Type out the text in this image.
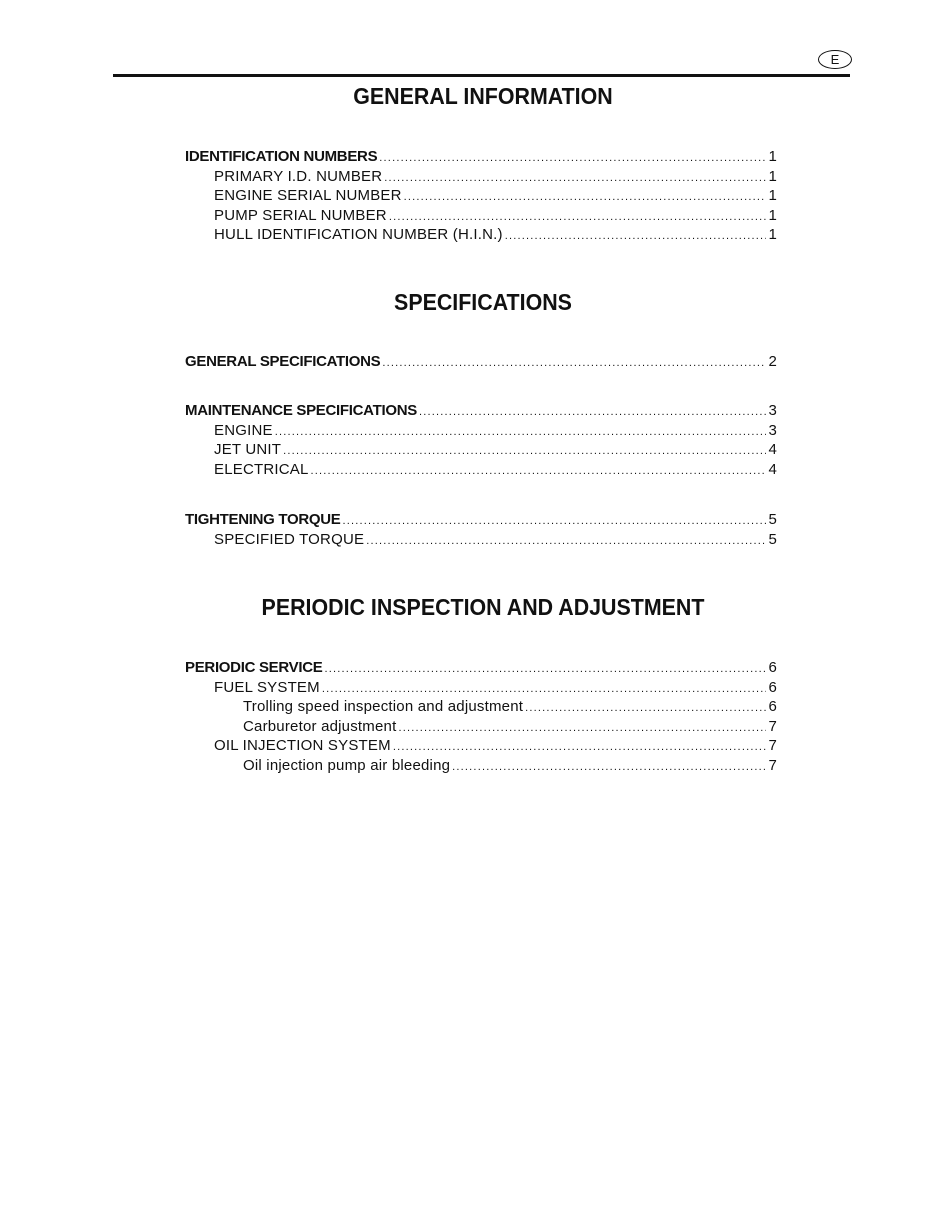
E
GENERAL INFORMATION
IDENTIFICATION NUMBERS .....	1
PRIMARY I.D. NUMBER .....	1
ENGINE SERIAL NUMBER .....	1
PUMP SERIAL NUMBER .....	1
HULL IDENTIFICATION NUMBER (H.I.N.) .....	1
SPECIFICATIONS
GENERAL SPECIFICATIONS .....	2
MAINTENANCE SPECIFICATIONS .....	3
ENGINE .....	3
JET UNIT .....	4
ELECTRICAL .....	4
TIGHTENING TORQUE .....	5
SPECIFIED TORQUE .....	5
PERIODIC INSPECTION AND ADJUSTMENT
PERIODIC SERVICE .....	6
FUEL SYSTEM .....	6
Trolling speed inspection and adjustment .....	6
Carburetor adjustment .....	7
OIL INJECTION SYSTEM .....	7
Oil injection pump air bleeding .....	7
